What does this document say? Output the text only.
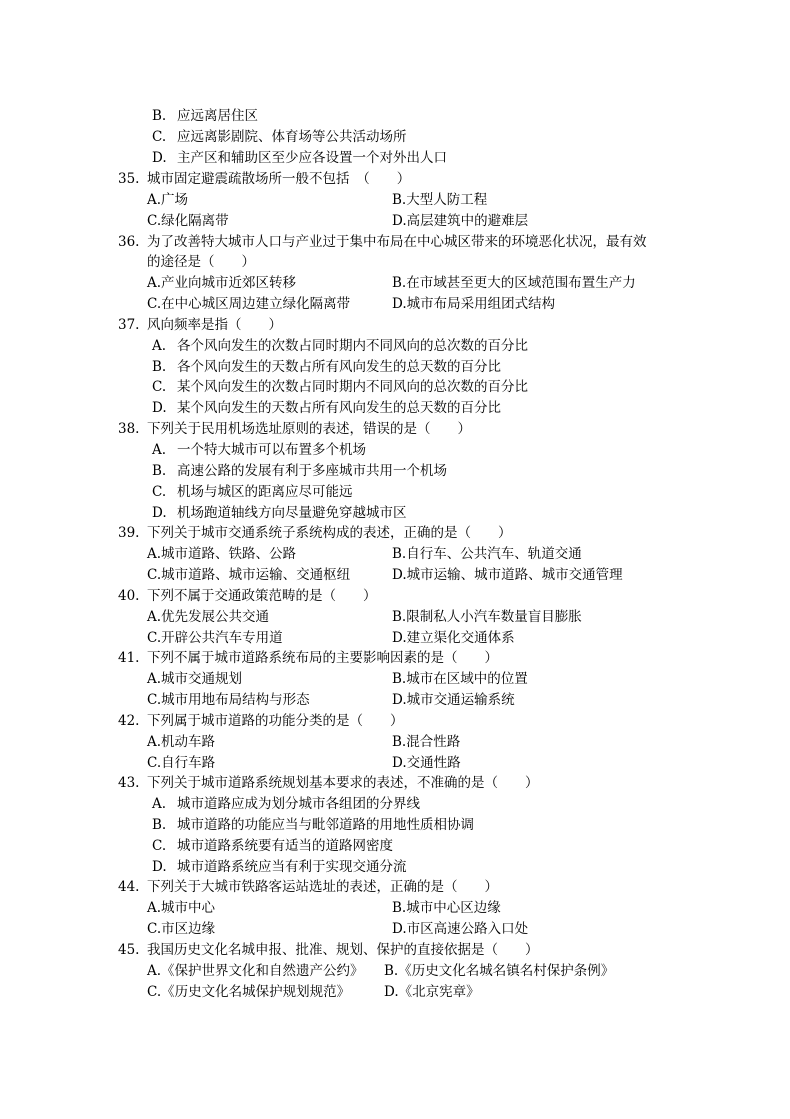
B. 应远离居住区
C. 应远离影剧院、体育场等公共活动场所
D. 主产区和辅助区至少应各设置一个对外出人口
35. 城市固定避震疏散场所一般不包括　（　　）
A.广场	B.大型人防工程
C.绿化隔离带	D.高层建筑中的避难层
36. 为了改善特大城市人口与产业过于集中布局在中心城区带来的环境恶化状况，最有效
的途径是（　　）
A.产业向城市近郊区转移	B.在市域甚至更大的区域范围布置生产力
C.在中心城区周边建立绿化隔离带	D.城市布局采用组团式结构
37. 风向频率是指（　　）
A. 各个风向发生的次数占同时期内不同风向的总次数的百分比
B. 各个风向发生的天数占所有风向发生的总天数的百分比
C. 某个风向发生的次数占同时期内不同风向的总次数的百分比
D. 某个风向发生的天数占所有风向发生的总天数的百分比
38. 下列关于民用机场选址原则的表述，错误的是（　　）
A. 一个特大城市可以布置多个机场
B. 高速公路的发展有利于多座城市共用一个机场
C. 机场与城区的距离应尽可能远
D. 机场跑道轴线方向尽量避免穿越城市区
39. 下列关于城市交通系统子系统构成的表述，正确的是（　　）
A.城市道路、铁路、公路	B.自行车、公共汽车、轨道交通
C.城市道路、城市运输、交通枢纽	D.城市运输、城市道路、城市交通管理
40. 下列不属于交通政策范畴的是（　　）
A.优先发展公共交通	B.限制私人小汽车数量盲目膨胀
C.开辟公共汽车专用道	D.建立渠化交通体系
41. 下列不属于城市道路系统布局的主要影响因素的是（　　）
A.城市交通规划	B.城市在区域中的位置
C.城市用地布局结构与形态	D.城市交通运输系统
42. 下列属于城市道路的功能分类的是（　　）
A.机动车路	B.混合性路
C.自行车路	D.交通性路
43. 下列关于城市道路系统规划基本要求的表述，不准确的是（　　）
A. 城市道路应成为划分城市各组团的分界线
B. 城市道路的功能应当与毗邻道路的用地性质相协调
C. 城市道路系统要有适当的道路网密度
D. 城市道路系统应当有利于实现交通分流
44. 下列关于大城市铁路客运站选址的表述，正确的是（　　）
A.城市中心	B.城市中心区边缘
C.市区边缘	D.市区高速公路入口处
45. 我国历史文化名城申报、批准、规划、保护的直接依据是（　　）
A.《保护世界文化和自然遗产公约》 B.《历史文化名城名镇名村保护条例》
C.《历史文化名城保护规划规范》	D.《北京宪章》
